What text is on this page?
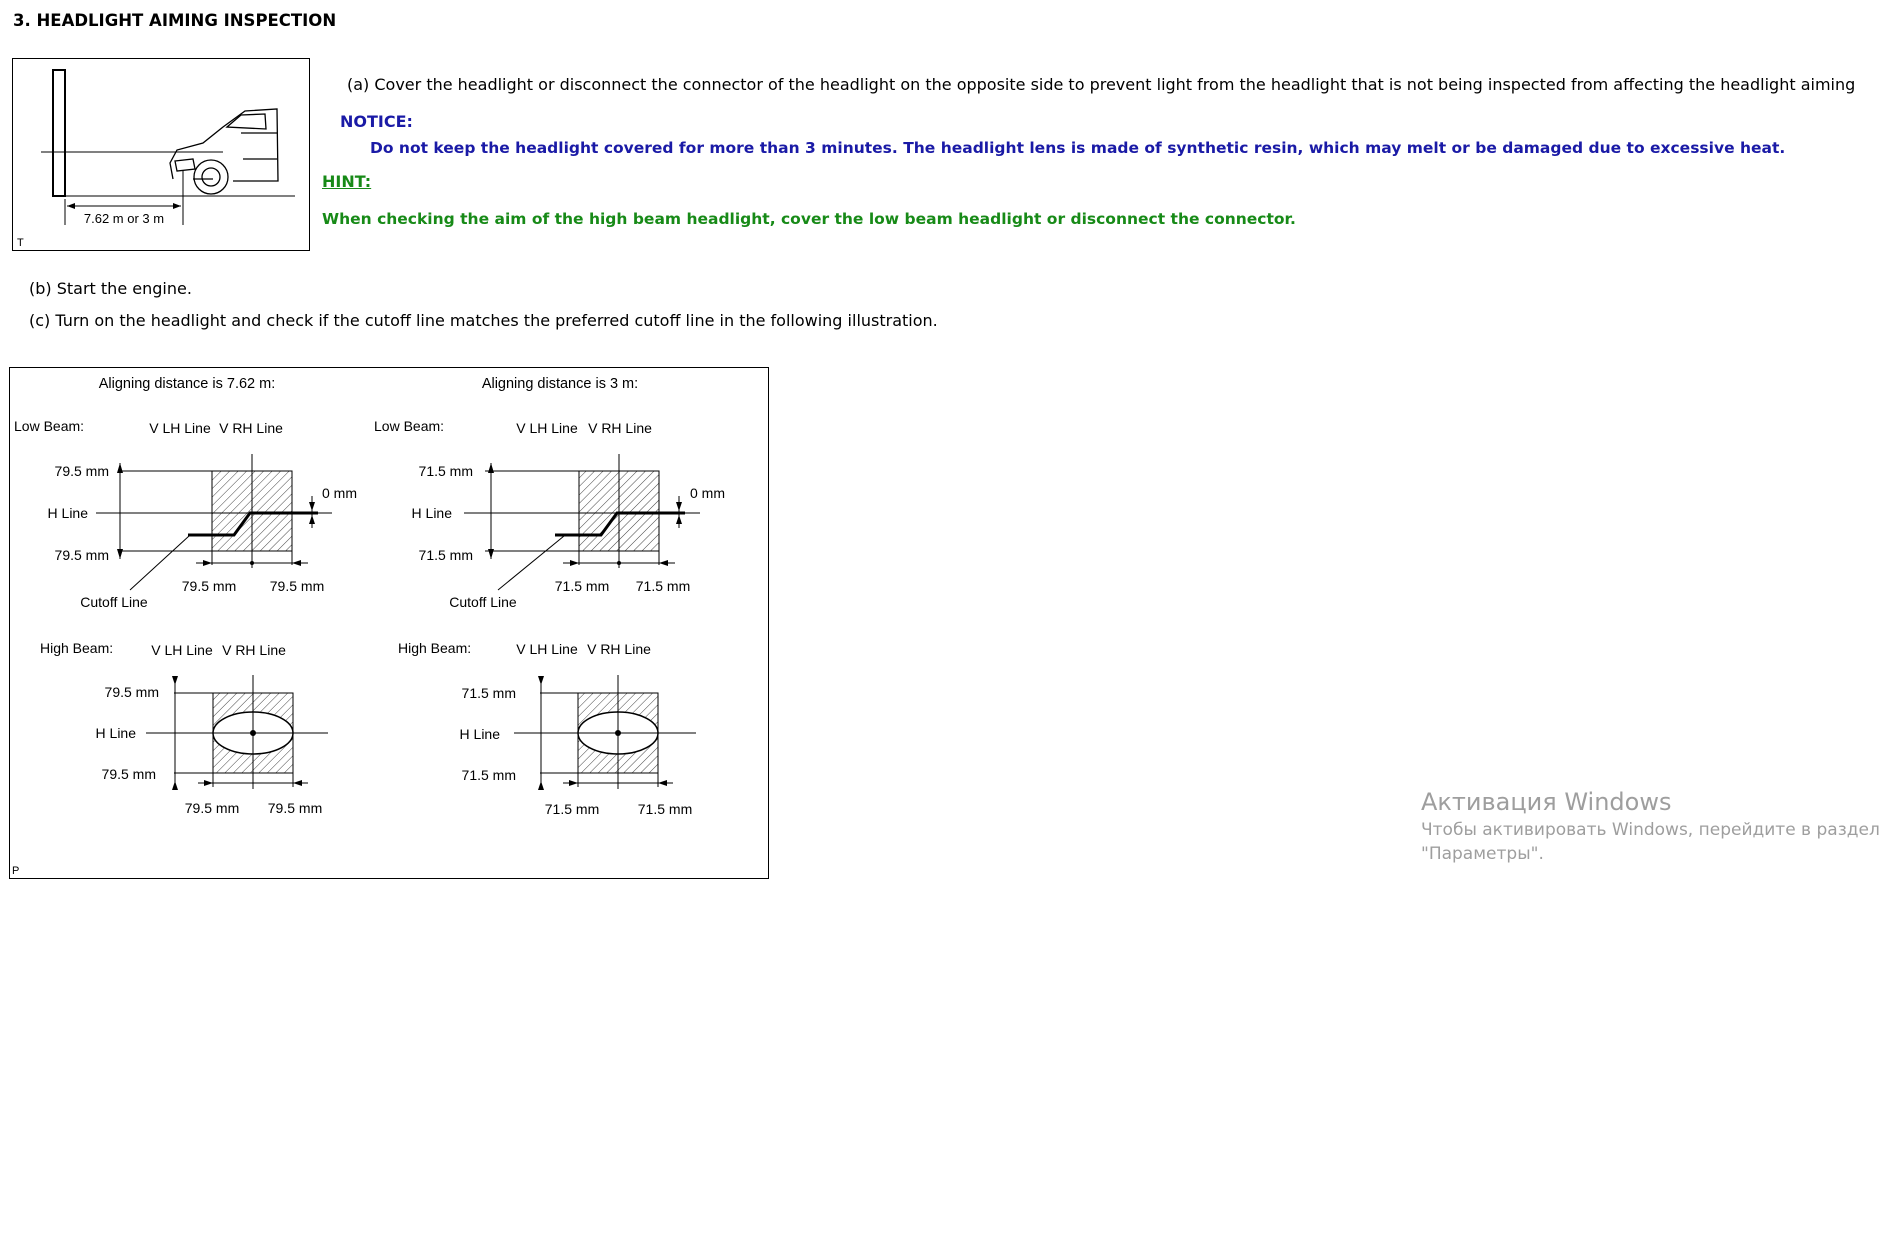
3. HEADLIGHT AIMING INSPECTION
7.62 m or 3 m
T
(a) Cover the headlight or disconnect the connector of the headlight on the opposite side to prevent light from the headlight that is not being inspected from affecting the headlight aiming
NOTICE:
Do not keep the headlight covered for more than 3 minutes. The headlight lens is made of synthetic resin, which may melt or be damaged due to excessive heat.
HINT:
When checking the aim of the high beam headlight, cover the low beam headlight or disconnect the connector.
(b) Start the engine.
(c) Turn on the headlight and check if the cutoff line matches the preferred cutoff line in the following illustration.
Aligning distance is 7.62 m:
Low Beam:	V LH Line V RH Line
79.5 mm
H Line
79.5 mm
0 mm
79.5 mm 79.5 mm
Cutoff Line
High Beam:	V LH Line V RH Line
79.5 mm
H Line
79.5 mm
79.5 mm 79.5 mm
Aligning distance is 3 m:
Low Beam:	V LH Line V RH Line
71.5 mm
H Line
71.5 mm
0 mm
71.5 mm 71.5 mm
Cutoff Line
High Beam:	V LH Line V RH Line
71.5 mm
H Line
71.5 mm
71.5 mm	71.5 mm
P
Активация Windows
Чтобы активировать Windows, перейдите в раздел
"Параметры".
